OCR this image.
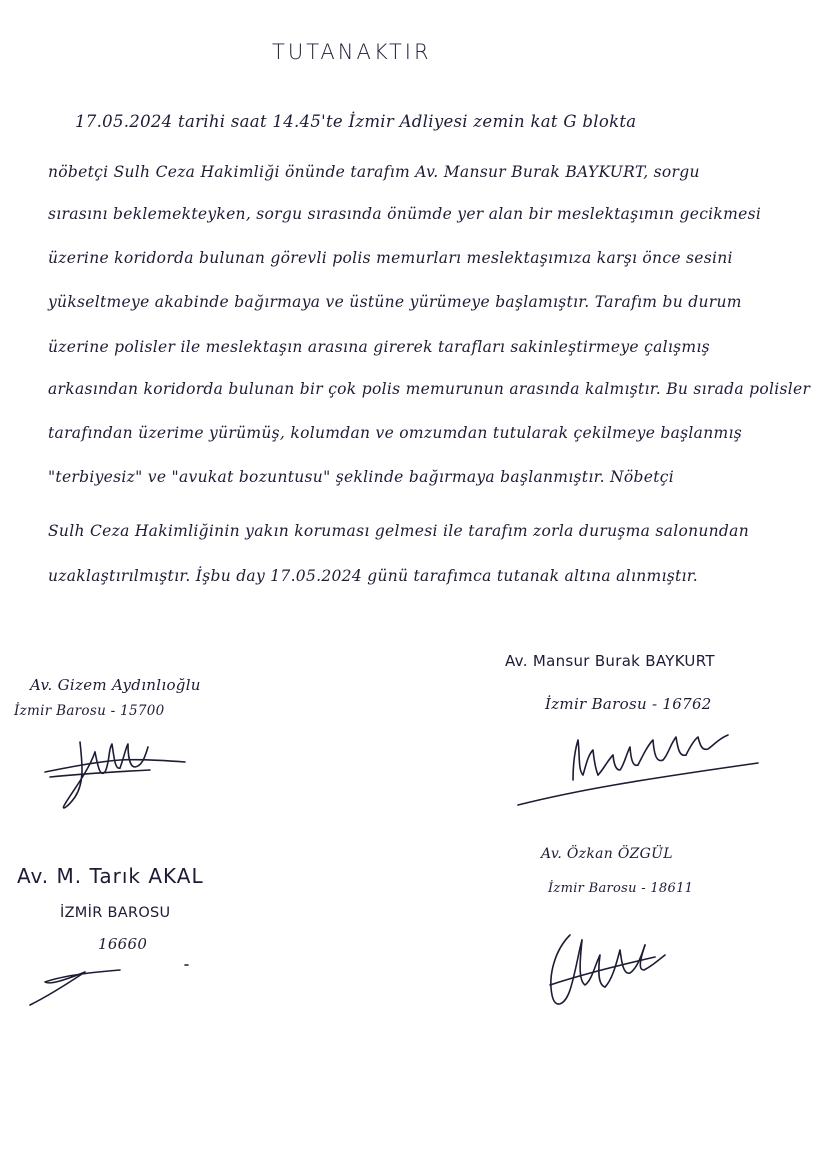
TUTANAKTIR
17.05.2024 tarihi saat 14.45'te İzmir Adliyesi zemin kat G blokta
nöbetçi Sulh Ceza Hakimliği önünde tarafım Av. Mansur Burak BAYKURT, sorgu
sırasını beklemekteyken, sorgu sırasında önümde yer alan bir meslektaşımın gecikmesi
üzerine koridorda bulunan görevli polis memurları meslektaşımıza karşı önce sesini
yükseltmeye akabinde bağırmaya ve üstüne yürümeye başlamıştır. Tarafım bu durum
üzerine polisler ile meslektaşın arasına girerek tarafları sakinleştirmeye çalışmış
arkasından koridorda bulunan bir çok polis memurunun arasında kalmıştır. Bu sırada polisler
tarafından üzerime yürümüş, kolumdan ve omzumdan tutularak çekilmeye başlanmış
"terbiyesiz" ve "avukat bozuntusu" şeklinde bağırmaya başlanmıştır. Nöbetçi
Sulh Ceza Hakimliğinin yakın koruması gelmesi ile tarafım zorla duruşma salonundan
uzaklaştırılmıştır. İşbu day 17.05.2024 günü tarafımca tutanak altına alınmıştır.
Av. Gizem Aydınlıoğlu
İzmir Barosu - 15700
Av. Mansur Burak BAYKURT
İzmir Barosu - 16762
Av. M. Tarık AKAL
İZMİR BAROSU
16660
Av. Özkan ÖZGÜL
İzmir Barosu - 18611
